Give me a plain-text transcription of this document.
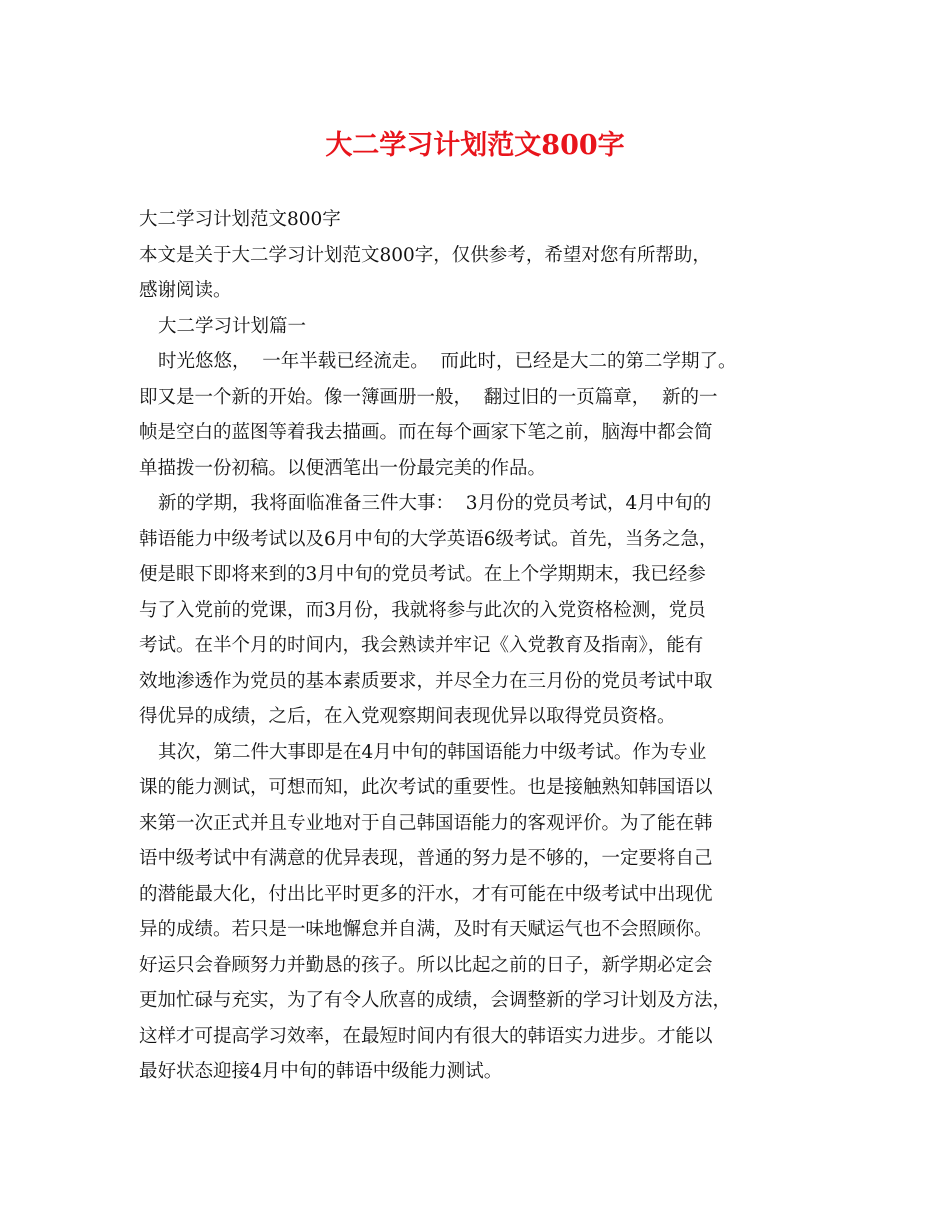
大二学习计划范文800字

大二学习计划范文800字

本文是关于大二学习计划范文800字，仅供参考，希望对您有所帮助，

感谢阅读。

大二学习计划篇一

时光悠悠，  一年半载已经流走。  而此时，已经是大二的第二学期了。

即又是一个新的开始。像一簿画册一般，  翻过旧的一页篇章，  新的一

帧是空白的蓝图等着我去描画。而在每个画家下笔之前，脑海中都会简

单描拨一份初稿。以便洒笔出一份最完美的作品。

新的学期，我将面临准备三件大事：  3月份的党员考试，4月中旬的

韩语能力中级考试以及6月中旬的大学英语6级考试。首先，当务之急，

便是眼下即将来到的3月中旬的党员考试。在上个学期期末，我已经参

与了入党前的党课，而3月份，我就将参与此次的入党资格检测，党员

考试。在半个月的时间内，我会熟读并牢记《入党教育及指南》，能有

效地渗透作为党员的基本素质要求，并尽全力在三月份的党员考试中取

得优异的成绩，之后，在入党观察期间表现优异以取得党员资格。

其次，第二件大事即是在4月中旬的韩国语能力中级考试。作为专业

课的能力测试，可想而知，此次考试的重要性。也是接触熟知韩国语以

来第一次正式并且专业地对于自己韩国语能力的客观评价。为了能在韩

语中级考试中有满意的优异表现，普通的努力是不够的，一定要将自己

的潜能最大化，付出比平时更多的汗水，才有可能在中级考试中出现优

异的成绩。若只是一味地懈怠并自满，及时有天赋运气也不会照顾你。

好运只会眷顾努力并勤恳的孩子。所以比起之前的日子，新学期必定会

更加忙碌与充实，为了有令人欣喜的成绩，会调整新的学习计划及方法，

这样才可提高学习效率，在最短时间内有很大的韩语实力进步。才能以

最好状态迎接4月中旬的韩语中级能力测试。
